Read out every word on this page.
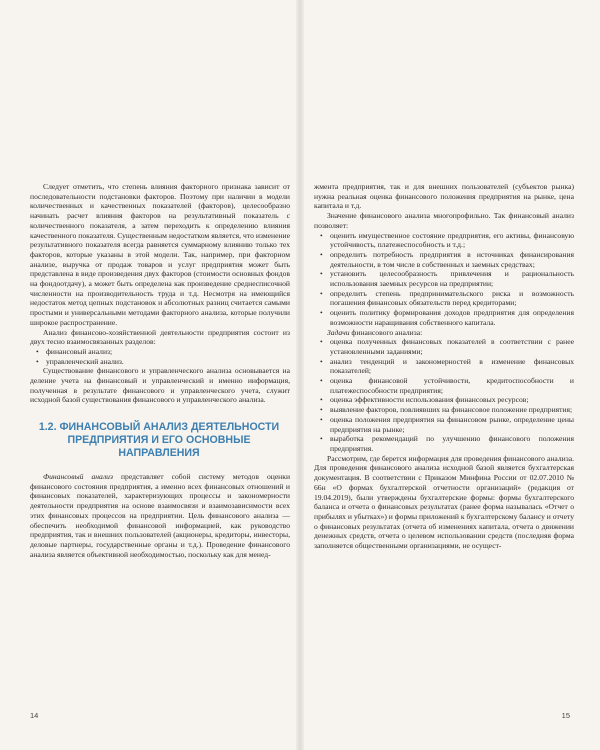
Следует отметить, что степень влияния факторного признака зависит от последовательности подстановки факторов. Поэтому при наличии в модели количественных и качественных показателей (факторов), целесообразно начинать расчет влияния факторов на результативный показатель с количественного показателя, а затем переходить к определению влияния качественного показателя. Существенным недостатком является, что изменение результативного показателя всегда равняется суммарному влиянию только тех факторов, которые указаны в этой модели. Так, например, при факторном анализе, выручка от продаж товаров и услуг предприятия может быть представлена в виде произведения двух факторов (стоимости основных фондов на фондоотдачу), а может быть определена как произведение среднесписочной численности на производительность труда и т.д. Несмотря на имеющийся недостаток метод цепных подстановок и абсолютных разниц считается самыми простыми и универсальными методами факторного анализа, которые получили широкое распространение.

Анализ финансово-хозяйственной деятельности предприятия состоит из двух тесно взаимосвязанных разделов:

• финансовый анализ;
• управленческий анализ.

Существование финансового и управленческого анализа основывается на деление учета на финансовый и управленческий и именно информация, полученная в результате финансового и управленческого учета, служит исходной базой существования финансового и управленческого анализа.

1.2. ФИНАНСОВЫЙ АНАЛИЗ ДЕЯТЕЛЬНОСТИ
ПРЕДПРИЯТИЯ И ЕГО ОСНОВНЫЕ
НАПРАВЛЕНИЯ

Финансовый анализ представляет собой систему методов оценки финансового состояния предприятия, а именно всех финансовых отношений и финансовых показателей, характеризующих процессы и закономерности деятельности предприятия на основе взаимосвязи и взаимозависимости всех этих финансовых процессов на предприятии. Цель финансового анализа — обеспечить необходимой финансовой информацией, как руководство предприятия, так и внешних пользователей (акционеры, кредиторы, инвесторы, деловые партнеры, государственные органы и т.д.). Проведение финансового анализа является объективной необходимостью, поскольку как для менед-

14

жмента предприятия, так и для внешних пользователей (субъектов рынка) нужна реальная оценка финансового положения предприятия на рынке, цена капитала и т.д.

Значение финансового анализа многопрофильно. Так финансовый анализ позволяет:

• оценить имущественное состояние предприятия, его активы, финансовую устойчивость, платежеспособность и т.д.;
• определить потребность предприятия в источниках финансирования деятельности, в том числе в собственных и заемных средствах;
• установить целесообразность привлечения и рациональность использования заемных ресурсов на предприятии;
• определить степень предпринимательского риска и возможность погашения финансовых обязательств перед кредиторами;
• оценить политику формирования доходов предприятия для определения возможности наращивания собственного капитала.

Задачи финансового анализа:

• оценка полученных финансовых показателей в соответствии с ранее установленными заданиями;
• анализ тенденций и закономерностей в изменение финансовых показателей;
• оценка финансовой устойчивости, кредитоспособности и платежеспособности предприятия;
• оценка эффективности использования финансовых ресурсов;
• выявление факторов, повлиявших на финансовое положение предприятия;
• оценка положения предприятия на финансовом рынке, определение цены предприятия на рынке;
• выработка рекомендаций по улучшению финансового положения предприятия.

Рассмотрим, где берется информация для проведения финансового анализа. Для проведения финансового анализа исходной базой является бухгалтерская документация. В соответствии с Приказом Минфина России от 02.07.2010 № 66н «О формах бухгалтерской отчетности организаций» (редакция от 19.04.2019), были утверждены бухгалтерские формы: формы бухгалтерского баланса и отчета о финансовых результатах (ранее форма называлась «Отчет о прибылях и убытках») и формы приложений к бухгалтерскому балансу и отчету о финансовых результатах (отчета об изменениях капитала, отчета о движении денежных средств, отчета о целевом использовании средств (последняя форма заполняется общественными организациями, не осущест-

15
